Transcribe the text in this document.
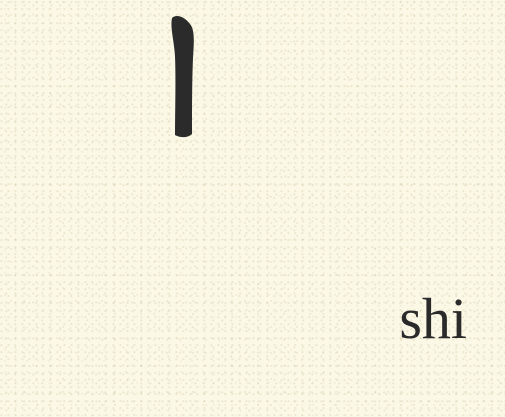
shi
